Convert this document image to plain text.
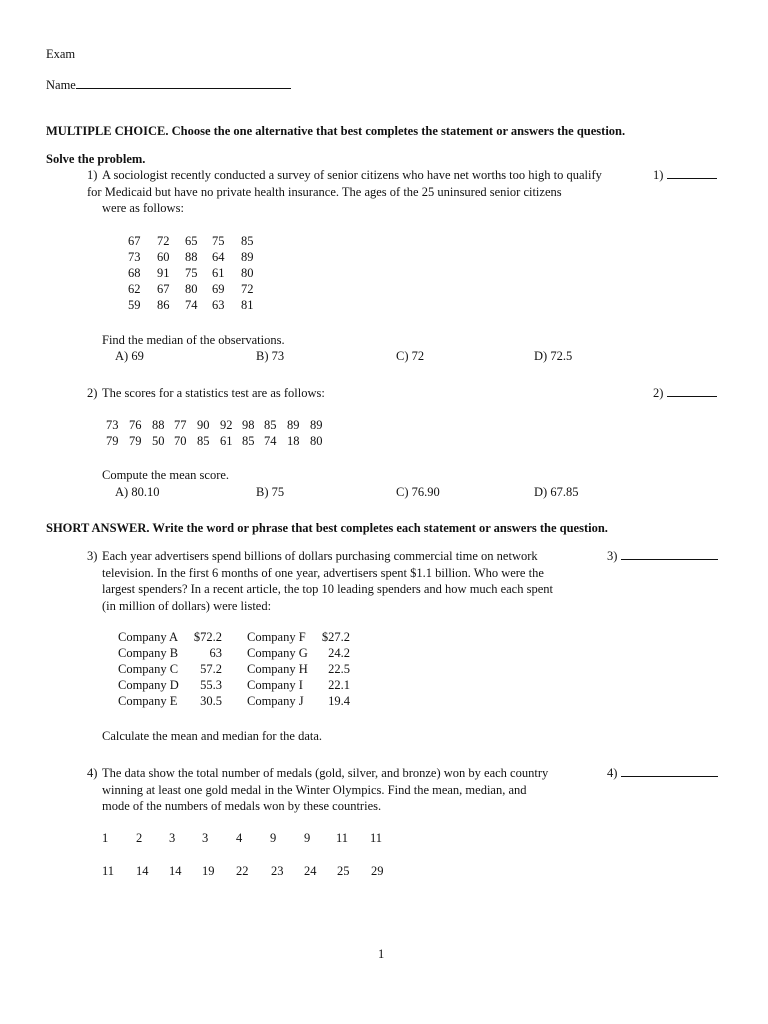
Exam
Name
MULTIPLE CHOICE. Choose the one alternative that best completes the statement or answers the question.
Solve the problem.
1) A sociologist recently conducted a survey of senior citizens who have net worths too high to qualify
for Medicaid but have no private health insurance. The ages of the 25 uninsured senior citizens
were as follows:
1)
67	72	65	75	85
73	60	88	64	89
68	91	75	61	80
62	67	80	69	72
59	86	74	63	81
Find the median of the observations.
A) 69	B) 73	C) 72	D) 72.5
2) The scores for a statistics test are as follows:	2)
73	76	88	77	90	92	98	85	89	89
79	79	50	70	85	61	85	74	18	80
Compute the mean score.
A) 80.10	B) 75	C) 76.90	D) 67.85
SHORT ANSWER. Write the word or phrase that best completes each statement or answers the question.
3) Each year advertisers spend billions of dollars purchasing commercial time on network
television. In the first 6 months of one year, advertisers spent $1.1 billion. Who were the
largest spenders? In a recent article, the top 10 leading spenders and how much each spent
(in million of dollars) were listed:
3)
Company A	$72.2		Company F	$27.2
Company B	63		Company G	24.2
Company C	57.2		Company H	22.5
Company D	55.3		Company I	22.1
Company E	30.5		Company J	19.4
Calculate the mean and median for the data.
4) The data show the total number of medals (gold, silver, and bronze) won by each country
winning at least one gold medal in the Winter Olympics. Find the mean, median, and
mode of the numbers of medals won by these countries.
4)
1	2	3	3	4	9	9	11	11
11	14	14	19	22	23	24	25	29
1
